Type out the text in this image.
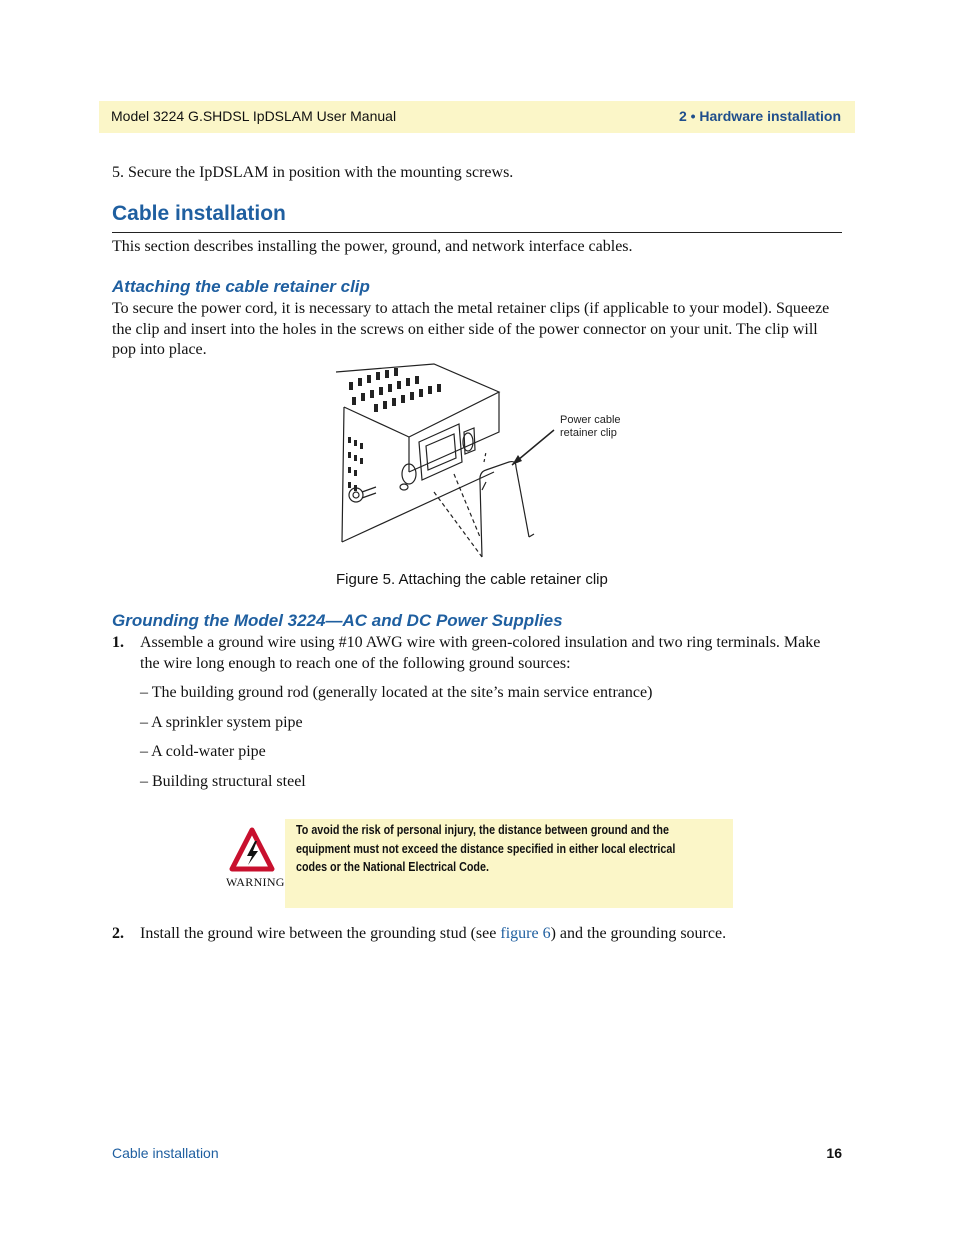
Model 3224 G.SHDSL IpDSLAM User Manual	2 • Hardware installation
5. Secure the IpDSLAM in position with the mounting screws.
Cable installation
This section describes installing the power, ground, and network interface cables.
Attaching the cable retainer clip
To secure the power cord, it is necessary to attach the metal retainer clips (if applicable to your model). Squeeze
the clip and insert into the holes in the screws on either side of the power connector on your unit. The clip will
pop into place.
Power cable
retainer clip
Figure 5. Attaching the cable retainer clip
Grounding the Model 3224—AC and DC Power Supplies
1. Assemble a ground wire using #10 AWG wire with green-colored insulation and two ring terminals. Make
the wire long enough to reach one of the following ground sources:
– The building ground rod (generally located at the site’s main service entrance)
– A sprinkler system pipe
– A cold-water pipe
– Building structural steel
WARNING
To avoid the risk of personal injury, the distance between ground and the
equipment must not exceed the distance specified in either local electrical
codes or the National Electrical Code.
2. Install the ground wire between the grounding stud (see figure 6) and the grounding source.
Cable installation	16
